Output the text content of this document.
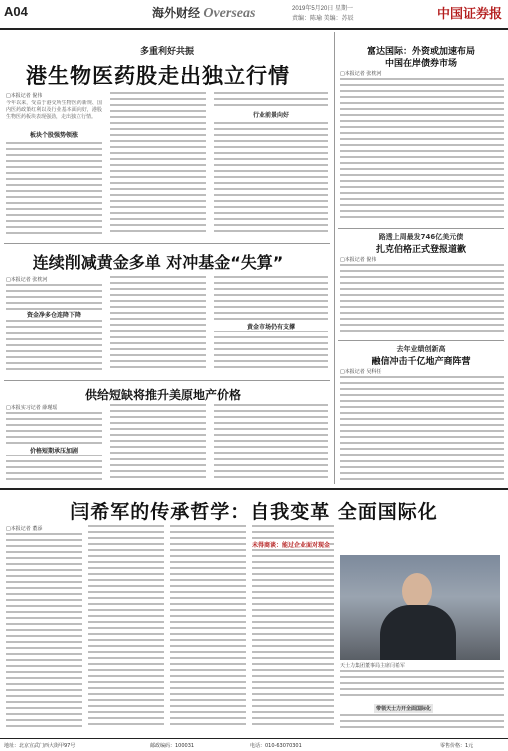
A04	海外财经 Overseas	2019年5月20日 星期一
责编：陈瑜 美编：苏辰	中国证券报
多重利好共振
港生物医药股走出独立行情
□本报记者 倪伟
今年以来，受益于港交所生物医药新规、国内医药政策红利以及行业基本面向好，港股生物医药板块表现强劲，走出独立行情。
板块个股强势领涨
行业前景向好
连续削减黄金多单 对冲基金“失算”
□本报记者 张枕河
资金净多仓连降下降
黄金市场仍有支撑
供给短缺将推升美原地产价格
□本报实习记者 薛瑾瑶
价格短期承压加剧
富达国际：外资或加速布局
中国在岸债券市场
□本报记者 张枕河
路透上周最发746亿美元债
扎克伯格正式登报道歉
□本报记者 倪伟
去年业绩创新高
融信冲击千亿地产商阵营
□本报记者 吴科任
闫希军的传承哲学：自我变革 全面国际化
□本报记者 董添
未得商谈：能过企业面对现金
带领天士力开全面国际化
天士力集团董事局主席闫希军
地址：北京宣武门西大街甲97号	邮政编码：100031	电话：010-63070301	零售价格：1元
